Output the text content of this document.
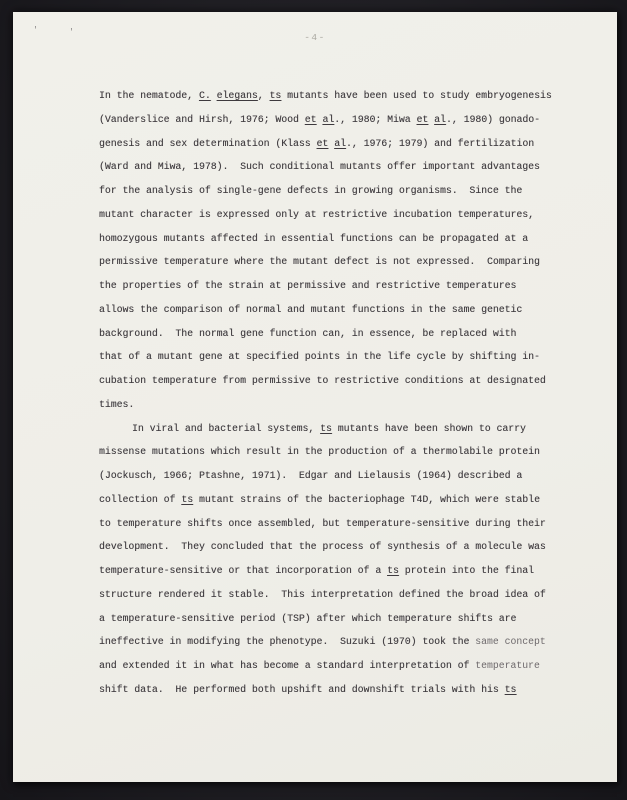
'	'	-4-
In the nematode, C. elegans, ts mutants have been used to study embryogenesis
(Vanderslice and Hirsh, 1976; Wood et al., 1980; Miwa et al., 1980) gonado-
genesis and sex determination (Klass et al., 1976; 1979) and fertilization
(Ward and Miwa, 1978).  Such conditional mutants offer important advantages
for the analysis of single-gene defects in growing organisms.  Since the
mutant character is expressed only at restrictive incubation temperatures,
homozygous mutants affected in essential functions can be propagated at a
permissive temperature where the mutant defect is not expressed.  Comparing
the properties of the strain at permissive and restrictive temperatures
allows the comparison of normal and mutant functions in the same genetic
background.  The normal gene function can, in essence, be replaced with
that of a mutant gene at specified points in the life cycle by shifting in-
cubation temperature from permissive to restrictive conditions at designated
times.
In viral and bacterial systems, ts mutants have been shown to carry
missense mutations which result in the production of a thermolabile protein
(Jockusch, 1966; Ptashne, 1971).  Edgar and Lielausis (1964) described a
collection of ts mutant strains of the bacteriophage T4D, which were stable
to temperature shifts once assembled, but temperature-sensitive during their
development.  They concluded that the process of synthesis of a molecule was
temperature-sensitive or that incorporation of a ts protein into the final
structure rendered it stable.  This interpretation defined the broad idea of
a temperature-sensitive period (TSP) after which temperature shifts are
ineffective in modifying the phenotype.  Suzuki (1970) took the same concept
and extended it in what has become a standard interpretation of temperature
shift data.  He performed both upshift and downshift trials with his ts
